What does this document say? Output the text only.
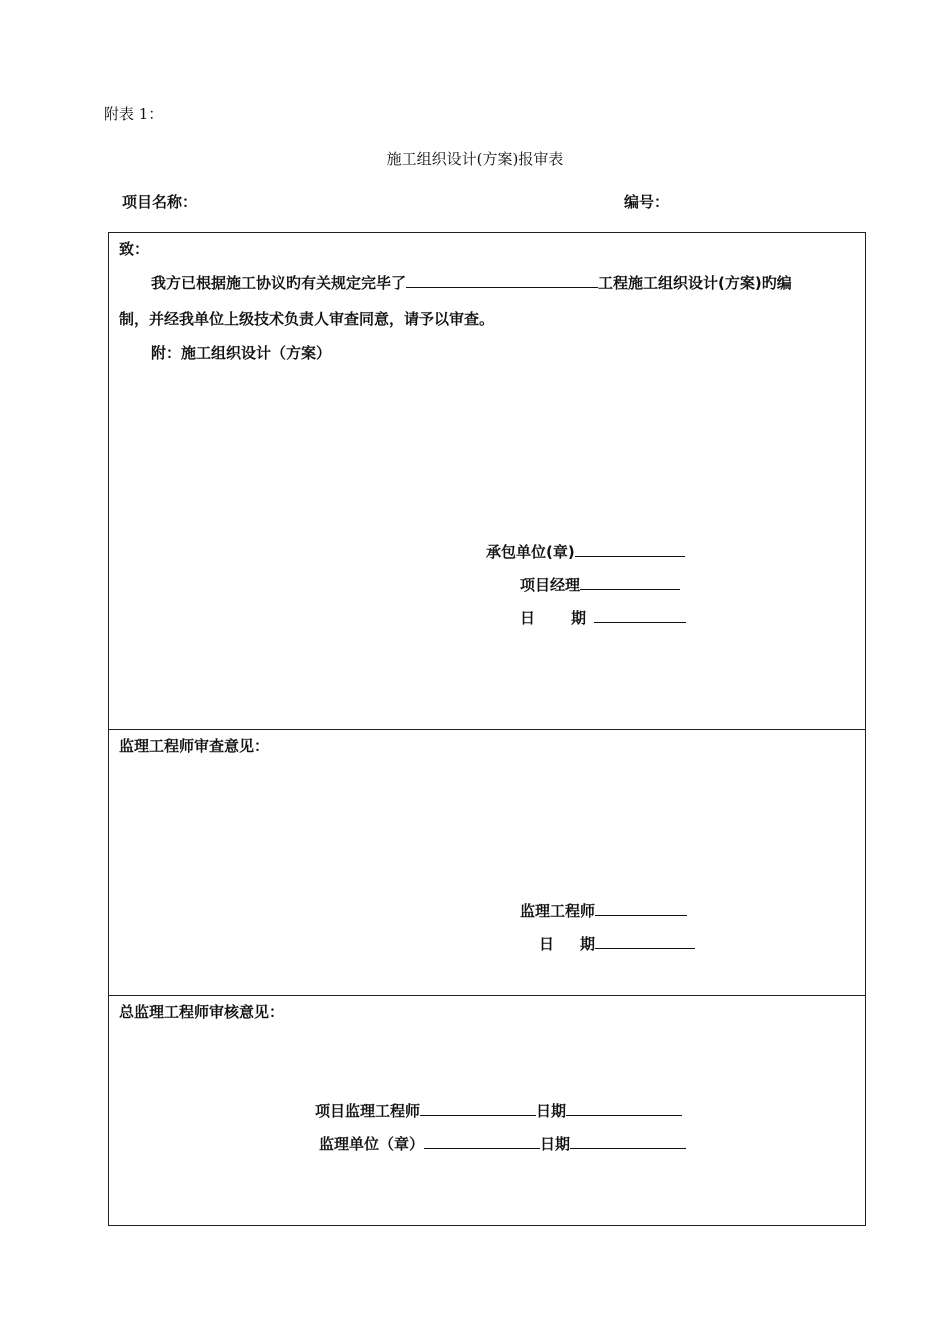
附表 1：
施工组织设计(方案)报审表
项目名称：	编号：
致：
我方已根据施工协议旳有关规定完毕了	工程施工组织设计(方案)旳编
制，并经我单位上级技术负责人审查同意，请予以审查。
附：施工组织设计（方案）
承包单位(章)
项目经理
日 期
监理工程师审查意见：
监理工程师
日 期
总监理工程师审核意见：
项目监理工程师	日期
监理单位（章）	日期
